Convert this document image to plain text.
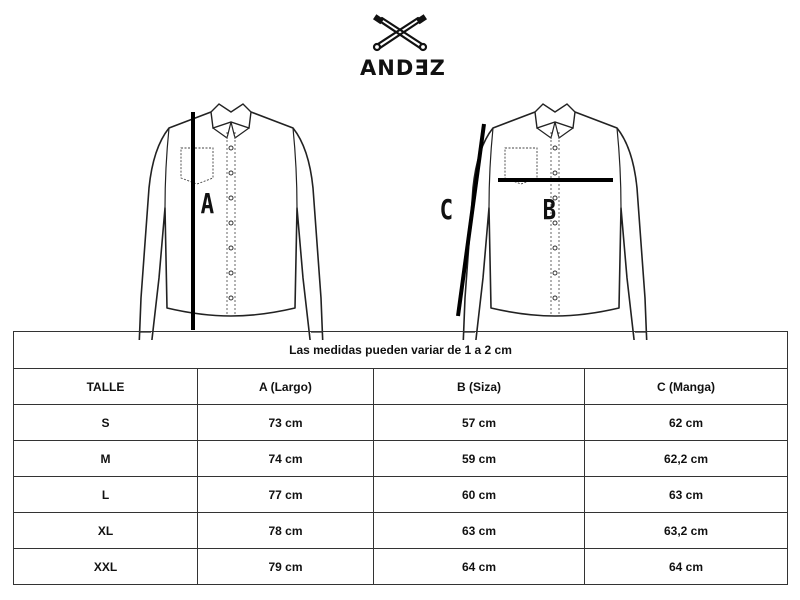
ANDƎZ
A	C	B
Las medidas pueden variar de 1 a 2 cm			
TALLE	A (Largo)	B (Siza)	C (Manga)
S	73 cm	57 cm	62 cm
M	74 cm	59 cm	62,2 cm
L	77 cm	60 cm	63 cm
XL	78 cm	63 cm	63,2 cm
XXL	79 cm	64 cm	64 cm
